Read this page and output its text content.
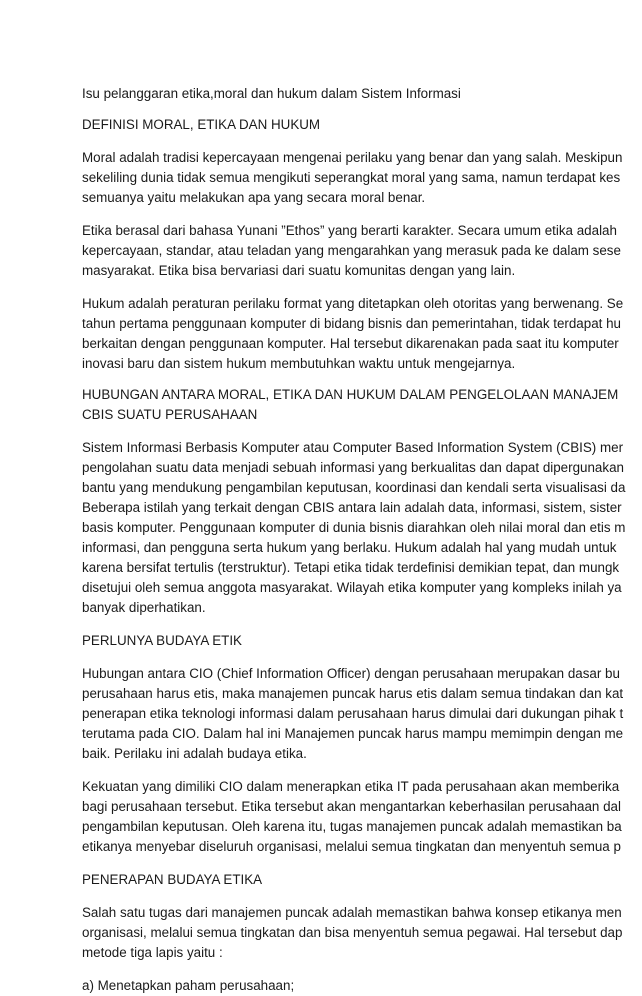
Isu pelanggaran etika,moral dan hukum dalam Sistem Informasi

DEFINISI MORAL, ETIKA DAN HUKUM

Moral adalah tradisi kepercayaan mengenai perilaku yang benar dan yang salah. Meskipun
sekeliling dunia tidak semua mengikuti seperangkat moral yang sama, namun terdapat kes
semuanya yaitu melakukan apa yang secara moral benar.

Etika berasal dari bahasa Yunani ”Ethos” yang berarti karakter. Secara umum etika adalah
kepercayaan, standar, atau teladan yang mengarahkan yang merasuk pada ke dalam sese
masyarakat. Etika bisa bervariasi dari suatu komunitas dengan yang lain.

Hukum adalah peraturan perilaku format yang ditetapkan oleh otoritas yang berwenang. Se
tahun pertama penggunaan komputer di bidang bisnis dan pemerintahan, tidak terdapat hu
berkaitan dengan penggunaan komputer. Hal tersebut dikarenakan pada saat itu komputer
inovasi baru dan sistem hukum membutuhkan waktu untuk mengejarnya.

HUBUNGAN ANTARA MORAL, ETIKA DAN HUKUM DALAM PENGELOLAAN MANAJEM
CBIS SUATU PERUSAHAAN

Sistem Informasi Berbasis Komputer atau Computer Based Information System (CBIS) mer
pengolahan suatu data menjadi sebuah informasi yang berkualitas dan dapat dipergunakan
bantu yang mendukung pengambilan keputusan, koordinasi dan kendali serta visualisasi da
Beberapa istilah yang terkait dengan CBIS antara lain adalah data, informasi, sistem, sister
basis komputer. Penggunaan komputer di dunia bisnis diarahkan oleh nilai moral dan etis m
informasi, dan pengguna serta hukum yang berlaku. Hukum adalah hal yang mudah untuk
karena bersifat tertulis (terstruktur). Tetapi etika tidak terdefinisi demikian tepat, dan mungk
disetujui oleh semua anggota masyarakat. Wilayah etika komputer yang kompleks inilah ya
banyak diperhatikan.

PERLUNYA BUDAYA ETIK

Hubungan antara CIO (Chief Information Officer) dengan perusahaan merupakan dasar bu
perusahaan harus etis, maka manajemen puncak harus etis dalam semua tindakan dan kat
penerapan etika teknologi informasi dalam perusahaan harus dimulai dari dukungan pihak t
terutama pada CIO. Dalam hal ini Manajemen puncak harus mampu memimpin dengan me
baik. Perilaku ini adalah budaya etika.

Kekuatan yang dimiliki CIO dalam menerapkan etika IT pada perusahaan akan memberika
bagi perusahaan tersebut. Etika tersebut akan mengantarkan keberhasilan perusahaan dal
pengambilan keputusan. Oleh karena itu, tugas manajemen puncak adalah memastikan ba
etikanya menyebar diseluruh organisasi, melalui semua tingkatan dan menyentuh semua p

PENERAPAN BUDAYA ETIKA

Salah satu tugas dari manajemen puncak adalah memastikan bahwa konsep etikanya men
organisasi, melalui semua tingkatan dan bisa menyentuh semua pegawai. Hal tersebut dap
metode tiga lapis yaitu :

a) Menetapkan paham perusahaan;
